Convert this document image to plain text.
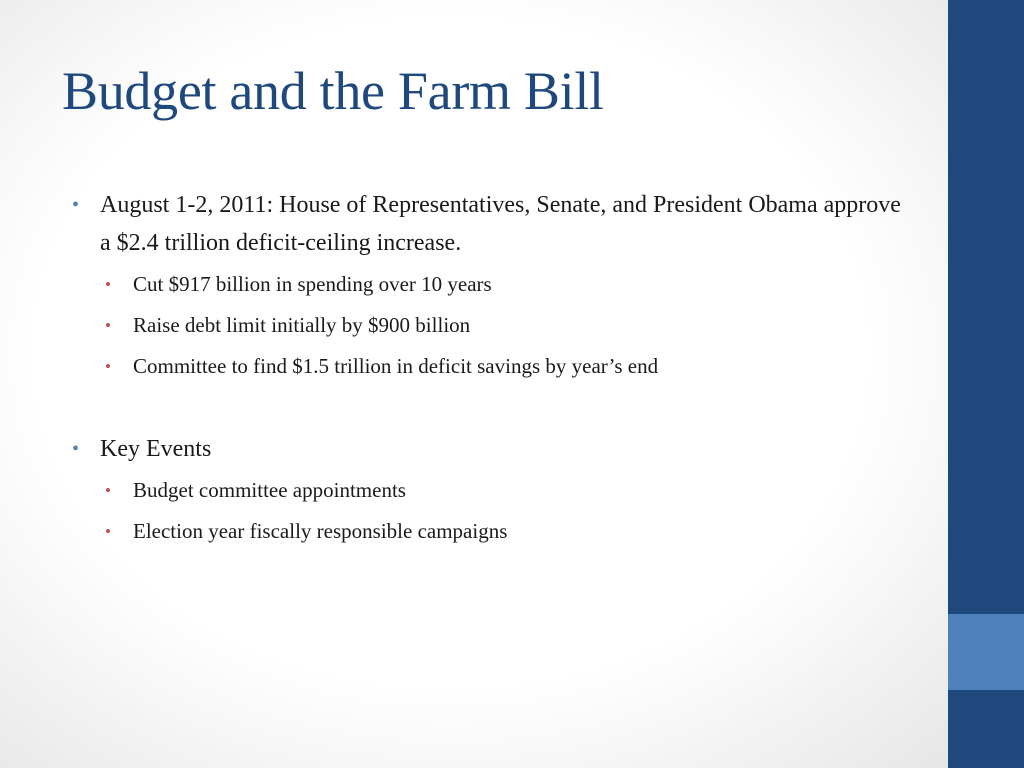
Budget and the Farm Bill
• August 1-2, 2011: House of Representatives, Senate, and President Obama approve a $2.4 trillion deficit-ceiling increase.
• Cut $917 billion in spending over 10 years
• Raise debt limit initially by $900 billion
• Committee to find $1.5 trillion in deficit savings by year’s end
• Key Events
• Budget committee appointments
• Election year fiscally responsible campaigns
